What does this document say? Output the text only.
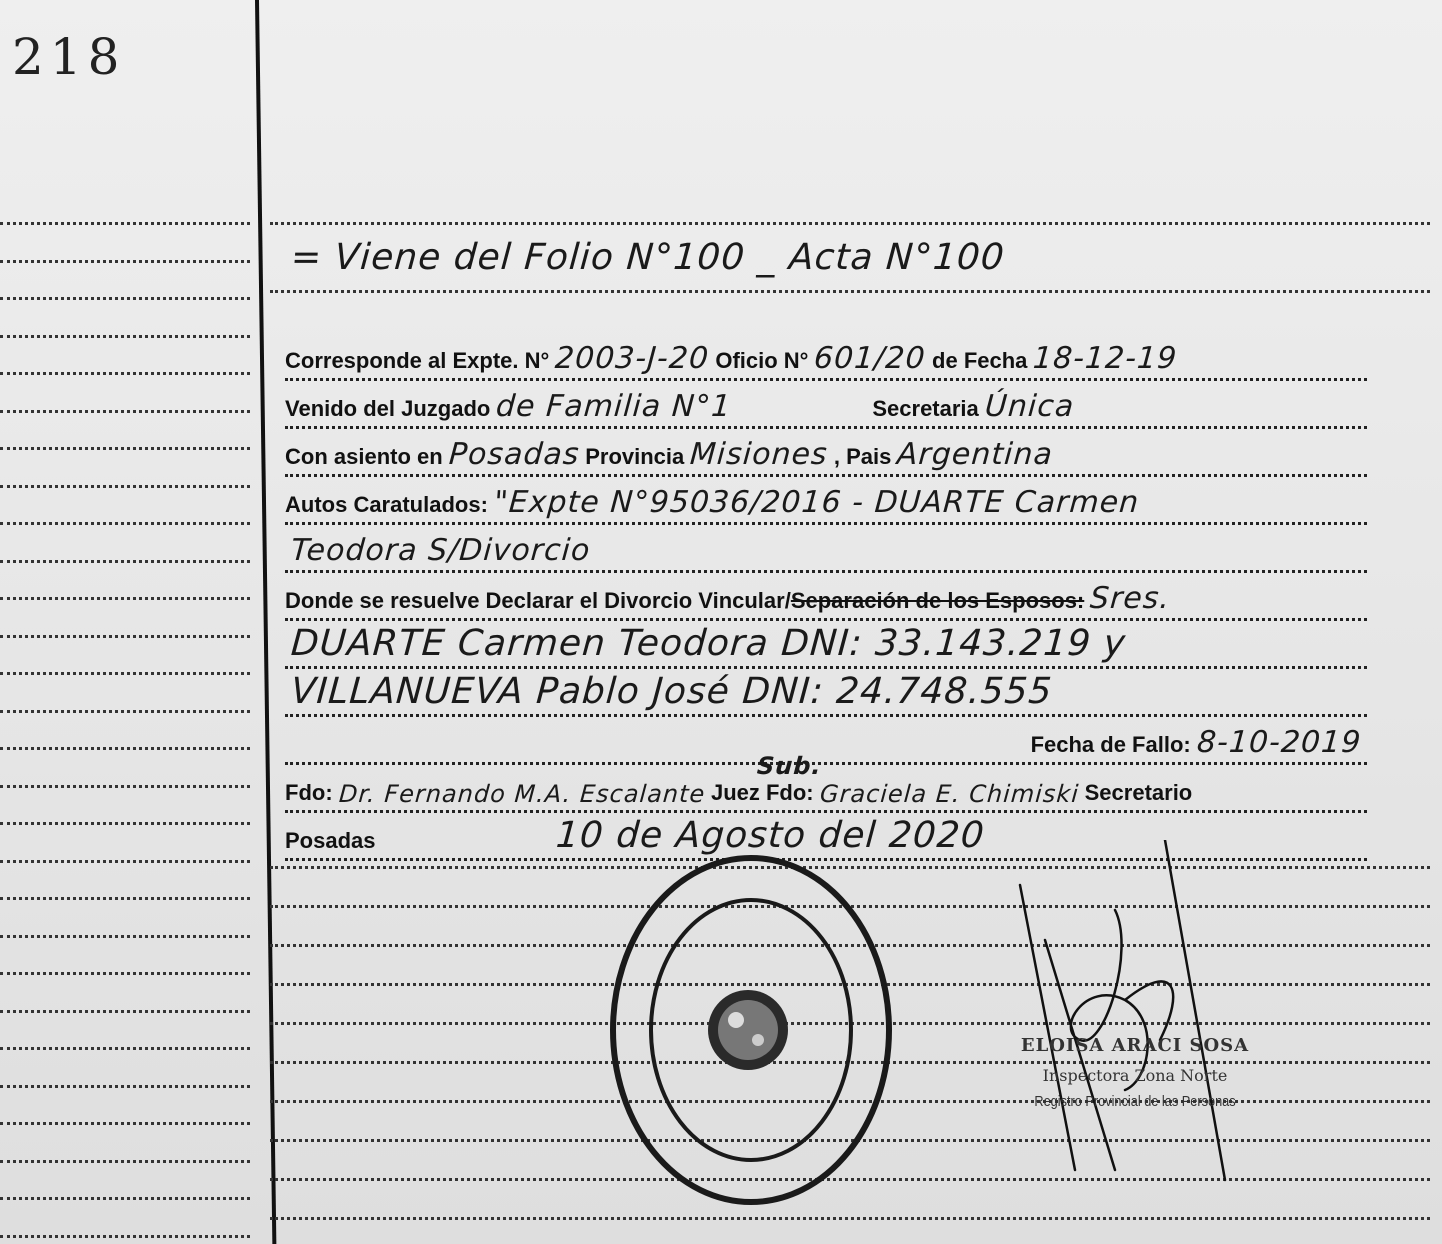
218
= Viene del Folio N°100 _ Acta N°100
Corresponde al Expte. N° 2003-J-20 Oficio N° 601/20 de Fecha 18-12-19
Venido del Juzgado de Familia N°1	Secretaria Única
Con asiento en Posadas Provincia Misiones , Pais Argentina
Autos Caratulados: "Expte N°95036/2016 - DUARTE Carmen
Teodora S/Divorcio
Donde se resuelve Declarar el Divorcio Vincular/ Separación de los Esposos: Sres.
DUARTE Carmen Teodora DNI: 33.143.219 y
VILLANUEVA Pablo José DNI: 24.748.555
Fecha de Fallo: 8-10-2019
Fdo: Dr. Fernando M.A. Escalante Juez Fdo:
Sub.
Graciela E. Chimiski Secretario
Posadas	10 de Agosto del 2020
ELOISA ARACI SOSA
Inspectora Zona Norte
Registro Provincial de las Personas
